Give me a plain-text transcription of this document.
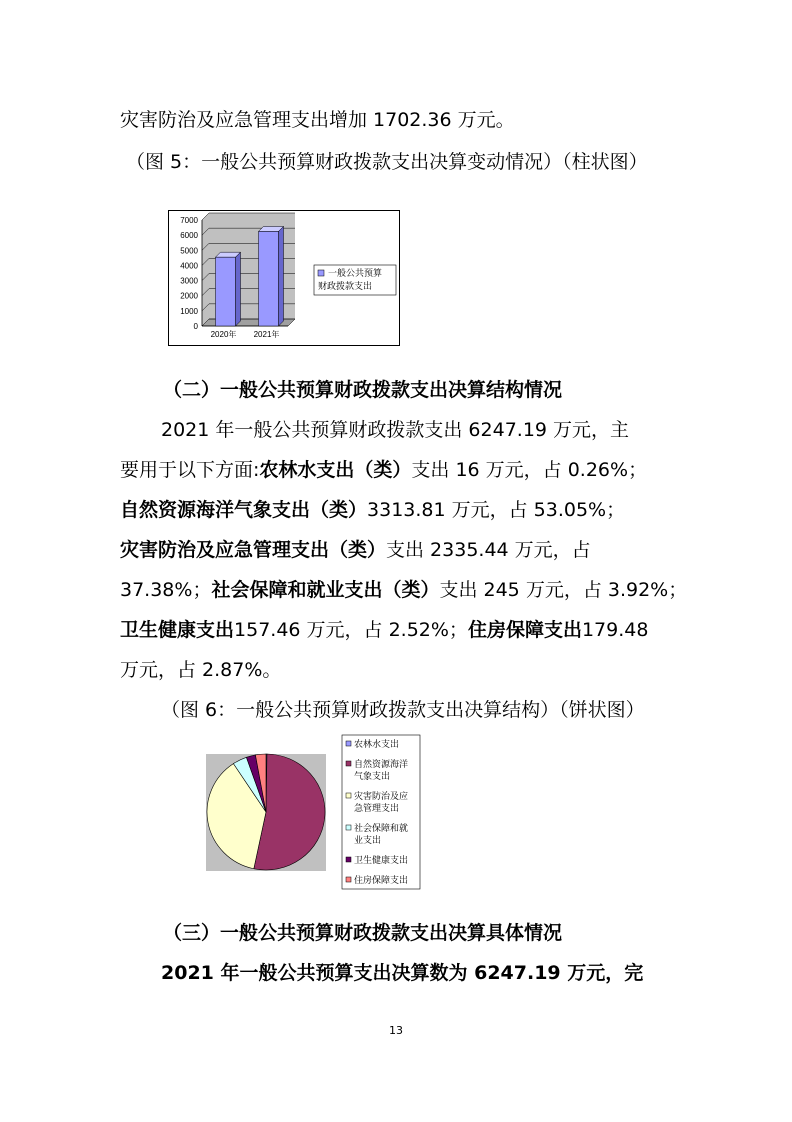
灾害防治及应急管理支出增加 1702.36 万元。
（图 5：一般公共预算财政拨款支出决算变动情况）（柱状图）
0
1000
2000
3000
4000
5000
6000
7000
2020年 2021年
一般公共预算
财政拨款支出
（二）一般公共预算财政拨款支出决算结构情况
2021 年一般公共预算财政拨款支出 6247.19 万元，主
要用于以下方面:农林水支出（类）支出 16 万元，占 0.26%；
自然资源海洋气象支出（类）3313.81 万元，占 53.05%；
灾害防治及应急管理支出（类）支出 2335.44 万元，占
37.38%；社会保障和就业支出（类）支出 245 万元，占 3.92%；
卫生健康支出157.46 万元，占 2.52%；住房保障支出179.48
万元，占 2.87%。
（图 6：一般公共预算财政拨款支出决算结构）（饼状图）
农林水支出
自然资源海洋
气象支出
灾害防治及应
急管理支出
社会保障和就
业支出
卫生健康支出
住房保障支出
（三）一般公共预算财政拨款支出决算具体情况
2021 年一般公共预算支出决算数为 6247.19 万元，完
13
